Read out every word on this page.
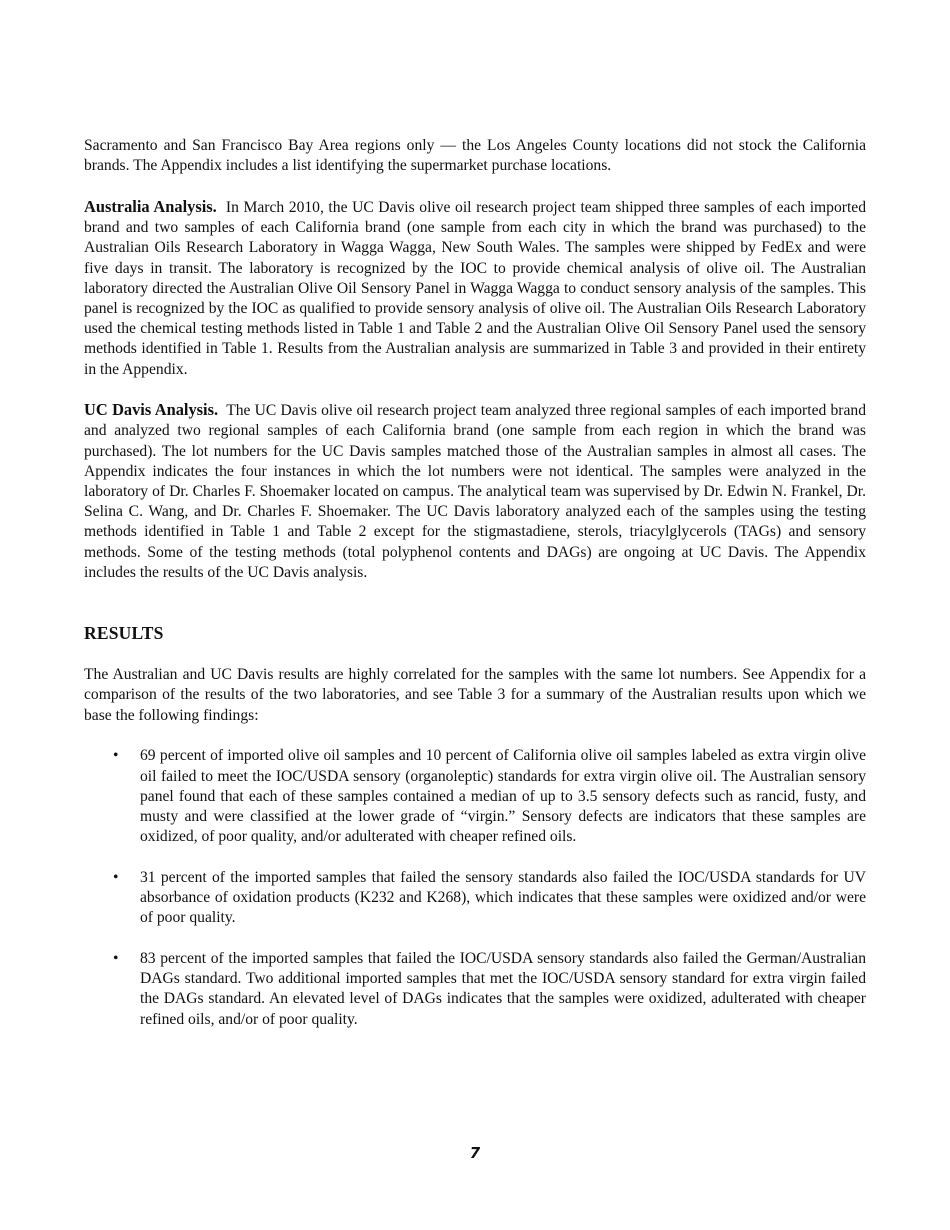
Sacramento and San Francisco Bay Area regions only — the Los Angeles County locations did not stock the California brands. The Appendix includes a list identifying the supermarket purchase locations.

Australia Analysis. In March 2010, the UC Davis olive oil research project team shipped three samples of each imported brand and two samples of each California brand (one sample from each city in which the brand was purchased) to the Australian Oils Research Laboratory in Wagga Wagga, New South Wales. The samples were shipped by FedEx and were five days in transit. The laboratory is recognized by the IOC to provide chemical analysis of olive oil. The Australian laboratory directed the Australian Olive Oil Sensory Panel in Wagga Wagga to conduct sensory analysis of the samples. This panel is recognized by the IOC as qualified to provide sensory analysis of olive oil. The Australian Oils Research Laboratory used the chemical testing methods listed in Table 1 and Table 2 and the Australian Olive Oil Sensory Panel used the sensory methods identified in Table 1. Results from the Australian analysis are summarized in Table 3 and provided in their entirety in the Appendix.

UC Davis Analysis. The UC Davis olive oil research project team analyzed three regional samples of each imported brand and analyzed two regional samples of each California brand (one sample from each region in which the brand was purchased). The lot numbers for the UC Davis samples matched those of the Australian samples in almost all cases. The Appendix indicates the four instances in which the lot numbers were not identical. The samples were analyzed in the laboratory of Dr. Charles F. Shoemaker located on campus. The analytical team was supervised by Dr. Edwin N. Frankel, Dr. Selina C. Wang, and Dr. Charles F. Shoemaker. The UC Davis laboratory analyzed each of the samples using the testing methods identified in Table 1 and Table 2 except for the stigmastadiene, sterols, triacylglycerols (TAGs) and sensory methods. Some of the testing methods (total polyphenol contents and DAGs) are ongoing at UC Davis. The Appendix includes the results of the UC Davis analysis.

RESULTS

The Australian and UC Davis results are highly correlated for the samples with the same lot numbers. See Appendix for a comparison of the results of the two laboratories, and see Table 3 for a summary of the Australian results upon which we base the following findings:

• 69 percent of imported olive oil samples and 10 percent of California olive oil samples labeled as extra virgin olive oil failed to meet the IOC/USDA sensory (organoleptic) standards for extra virgin olive oil. The Australian sensory panel found that each of these samples contained a median of up to 3.5 sensory defects such as rancid, fusty, and musty and were classified at the lower grade of “virgin.” Sensory defects are indicators that these samples are oxidized, of poor quality, and/or adulterated with cheaper refined oils.
• 31 percent of the imported samples that failed the sensory standards also failed the IOC/USDA standards for UV absorbance of oxidation products (K232 and K268), which indicates that these samples were oxidized and/or were of poor quality.
• 83 percent of the imported samples that failed the IOC/USDA sensory standards also failed the German/Australian DAGs standard. Two additional imported samples that met the IOC/USDA sensory standard for extra virgin failed the DAGs standard. An elevated level of DAGs indicates that the samples were oxidized, adulterated with cheaper refined oils, and/or of poor quality.
7
